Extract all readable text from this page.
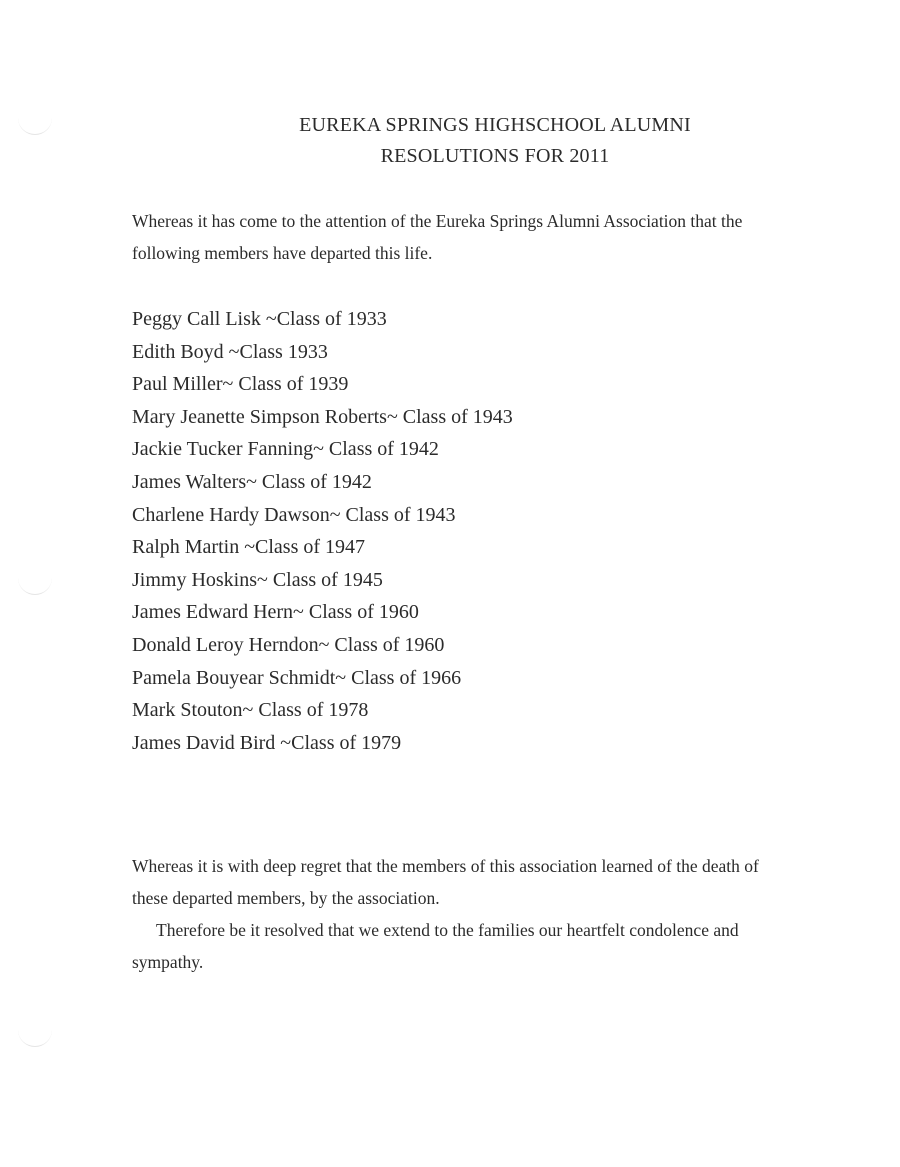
EUREKA SPRINGS HIGHSCHOOL ALUMNI
RESOLUTIONS FOR 2011
Whereas it has come to the attention of the Eureka Springs Alumni Association that the
following members have departed this life.
Peggy Call Lisk ~Class of 1933
Edith Boyd ~Class 1933
Paul Miller~ Class of 1939
Mary Jeanette Simpson Roberts~ Class of 1943
Jackie Tucker Fanning~ Class of 1942
James Walters~ Class of 1942
Charlene Hardy Dawson~ Class of 1943
Ralph Martin ~Class of 1947
Jimmy Hoskins~ Class of 1945
James Edward Hern~ Class of 1960
Donald Leroy Herndon~ Class of 1960
Pamela Bouyear Schmidt~ Class of 1966
Mark Stouton~ Class of 1978
James David Bird ~Class of 1979
Whereas it is with deep regret that the members of this association learned of the death of
these departed members, by the association.
Therefore be it resolved that we extend to the families our heartfelt condolence and
sympathy.
